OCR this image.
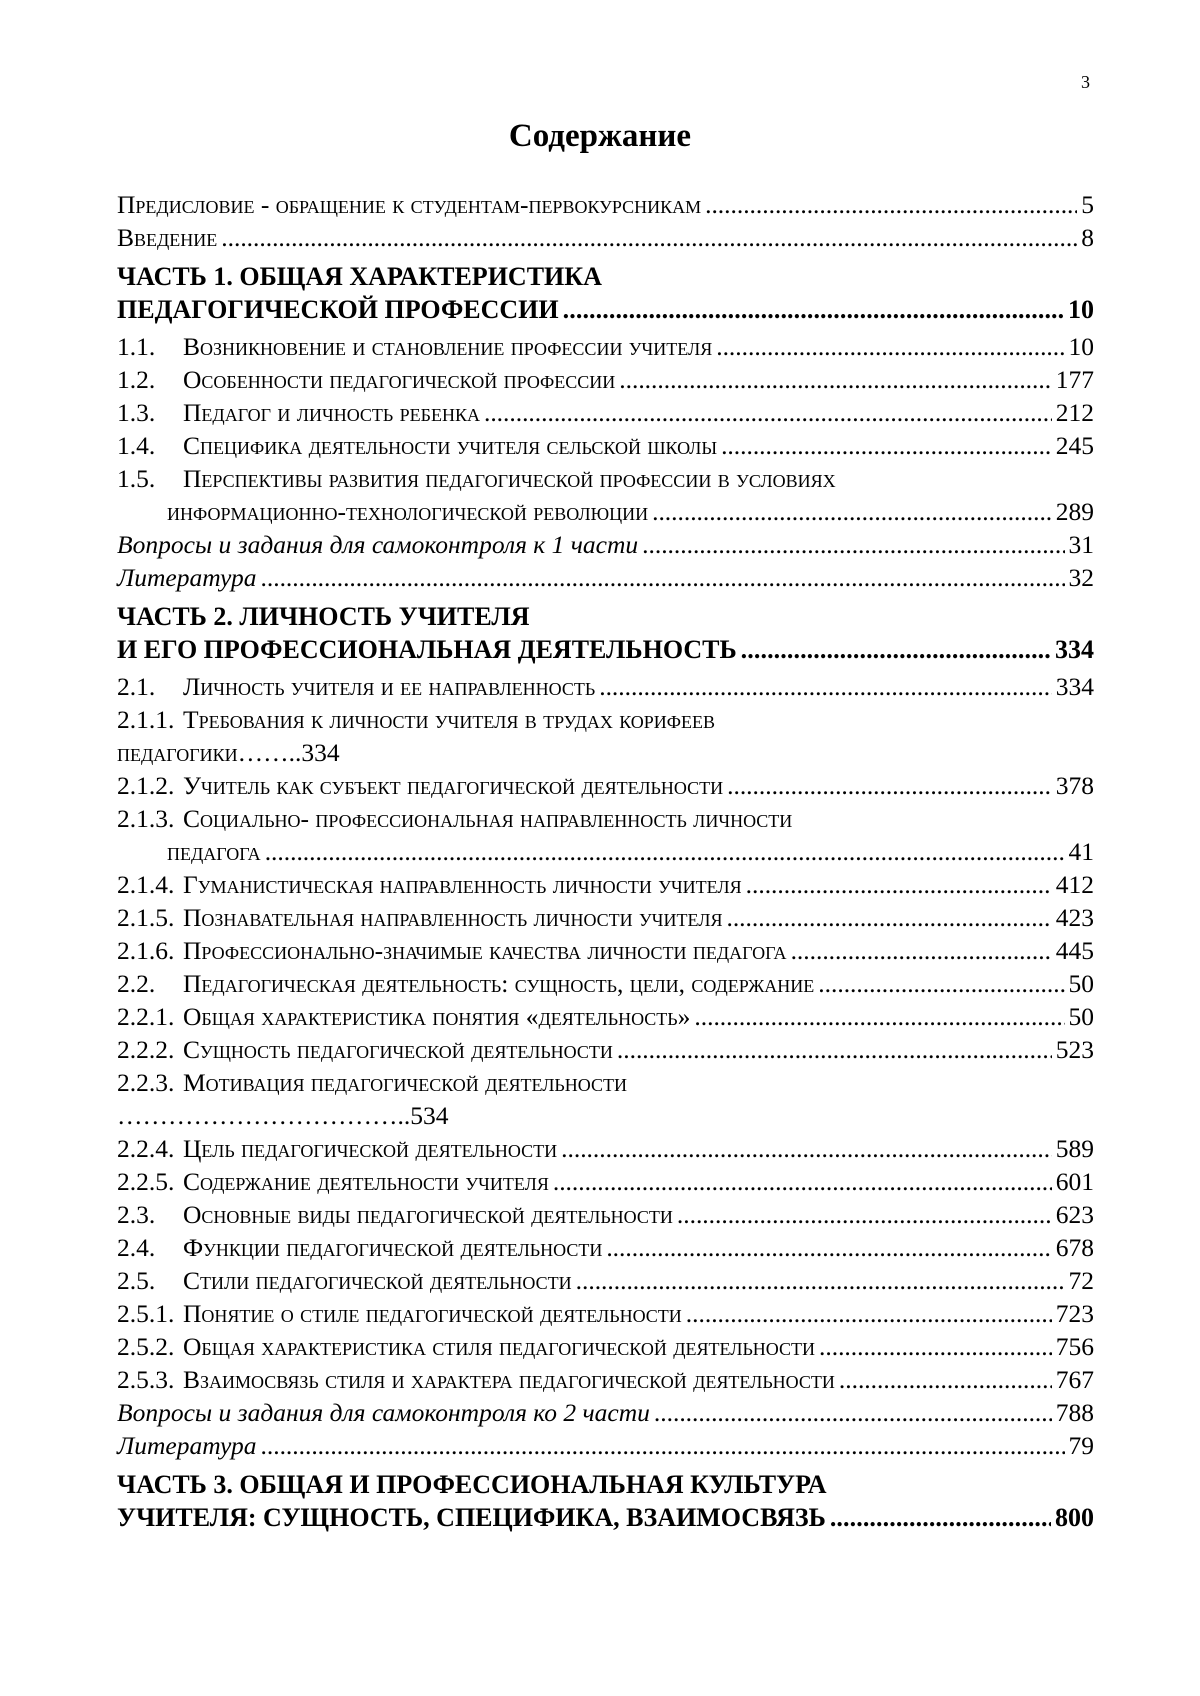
3
Содержание
Предисловие - обращение к студентам-первокурсникам . . .	5
Введение . . .	8
ЧАСТЬ 1. ОБЩАЯ ХАРАКТЕРИСТИКА
ПЕДАГОГИЧЕСКОЙ ПРОФЕССИИ . . .	10
1.1.	Возникновение и становление профессии учителя . . .	10
1.2.	Особенности педагогической профессии . . .	177
1.3.	Педагог и личность ребенка . . .	212
1.4.	Специфика деятельности учителя сельской школы . . .	245
1.5.	Перспективы развития педагогической профессии в условиях
информационно-технологической революции . . .	289
Вопросы и задания для самоконтроля к 1 части . . .	31
Литература . . .	32
ЧАСТЬ 2. ЛИЧНОСТЬ УЧИТЕЛЯ
И ЕГО ПРОФЕССИОНАЛЬНАЯ ДЕЯТЕЛЬНОСТЬ . . .	334
2.1.	Личность учителя и ее направленность . . .	334
2.1.1. Требования к личности учителя в трудах корифеев
педагогики……..334
2.1.2. Учитель как субъект педагогической деятельности . . .	378
2.1.3. Социально- профессиональная направленность личности
педагога . . .	41
2.1.4. Гуманистическая направленность личности учителя . . .	412
2.1.5. Познавательная направленность личности учителя . . .	423
2.1.6. Профессионально-значимые качества личности педагога . . .	445
2.2.	Педагогическая деятельность: сущность, цели, содержание . . .	50
2.2.1. Общая характеристика понятия «деятельность» . . .	50
2.2.2. Сущность педагогической деятельности . . .	523
2.2.3. Мотивация педагогической деятельности
……………………………..534
2.2.4. Цель педагогической деятельности . . .	589
2.2.5. Содержание деятельности учителя . . .	601
2.3.	Основные виды педагогической деятельности . . .	623
2.4.	Функции педагогической деятельности . . .	678
2.5.	Стили педагогической деятельности . . .	72
2.5.1. Понятие о стиле педагогической деятельности . . .	723
2.5.2. Общая характеристика стиля педагогической деятельности . . .	756
2.5.3. Взаимосвязь стиля и характера педагогической деятельности . . .	767
Вопросы и задания для самоконтроля ко 2 части . . .	788
Литература . . .	79
ЧАСТЬ 3. ОБЩАЯ И ПРОФЕССИОНАЛЬНАЯ КУЛЬТУРА
УЧИТЕЛЯ: СУЩНОСТЬ, СПЕЦИФИКА, ВЗАИМОСВЯЗЬ . . .	800
